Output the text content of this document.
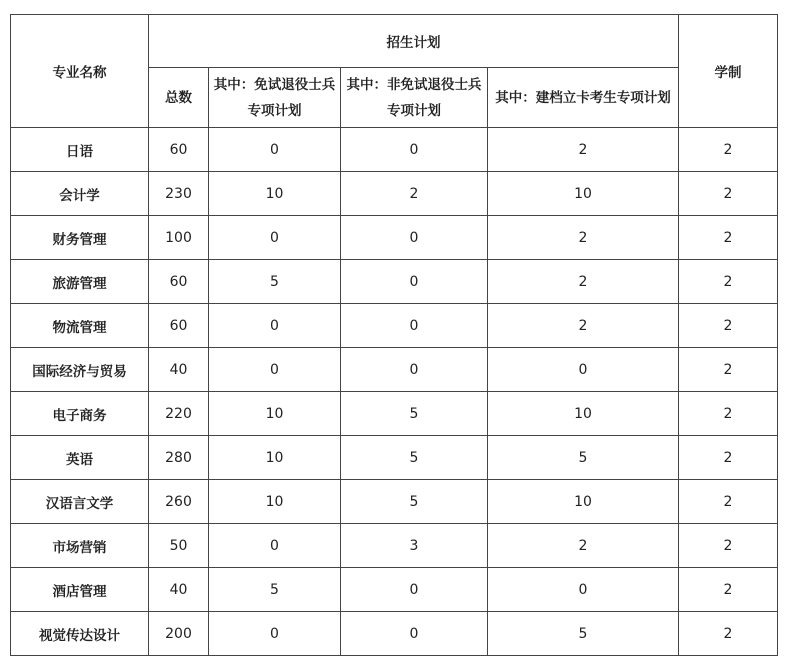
专业名称	招生计划				学制
	总数	其中：免试退役士兵专项计划	其中：非免试退役士兵专项计划	其中：建档立卡考生专项计划	
日语	60	0	0	2	2
会计学	230	10	2	10	2
财务管理	100	0	0	2	2
旅游管理	60	5	0	2	2
物流管理	60	0	0	2	2
国际经济与贸易	40	0	0	0	2
电子商务	220	10	5	10	2
英语	280	10	5	5	2
汉语言文学	260	10	5	10	2
市场营销	50	0	3	2	2
酒店管理	40	5	0	0	2
视觉传达设计	200	0	0	5	2
